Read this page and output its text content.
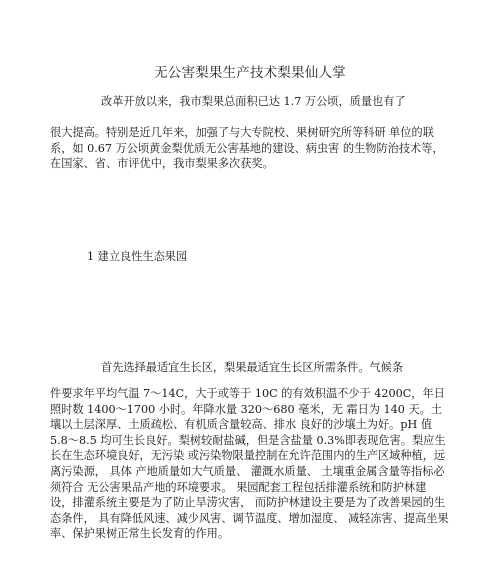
无公害梨果生产技术梨果仙人掌

改革开放以来，我市梨果总面积已达 1.7 万公顷，质量也有了

很大提高。特别是近几年来，加强了与大专院校、果树研究所等科研 单位的联系，如 0.67 万公顷黄金梨优质无公害基地的建设、病虫害 的生物防治技术等，在国家、省、市评优中，我市梨果多次获奖。

1 建立良性生态果园

首先选择最适宜生长区，梨果最适宜生长区所需条件。气候条

件要求年平均气温 7～14C，大于或等于 10C 的有效积温不少于 4200C，年日照时数 1400～1700 小时。年降水量 320～680 毫米，无 霜日为 140 天。土壤以土层深厚、土质疏松、有机质含量较高、排水 良好的沙壤土为好。pH 值 5.8～8.5 均可生长良好。梨树较耐盐碱，但是含盐量 0.3%即表现危害。梨应生长在生态环境良好，无污染 或污染物限量控制在允许范围内的生产区域种植，远离污染源， 具体 产地质量如大气质量、 灌溉水质量、 土壤重金属含量等指标必须符合 无公害果品产地的环境要求。 果园配套工程包括排灌系统和防护林建 设，排灌系统主要是为了防止旱涝灾害， 而防护林建设主要是为了改善果园的生态条件， 具有降低风速、减少风害、调节温度、增加湿度、 减轻冻害、提高坐果率、保护果树正常生长发育的作用。
